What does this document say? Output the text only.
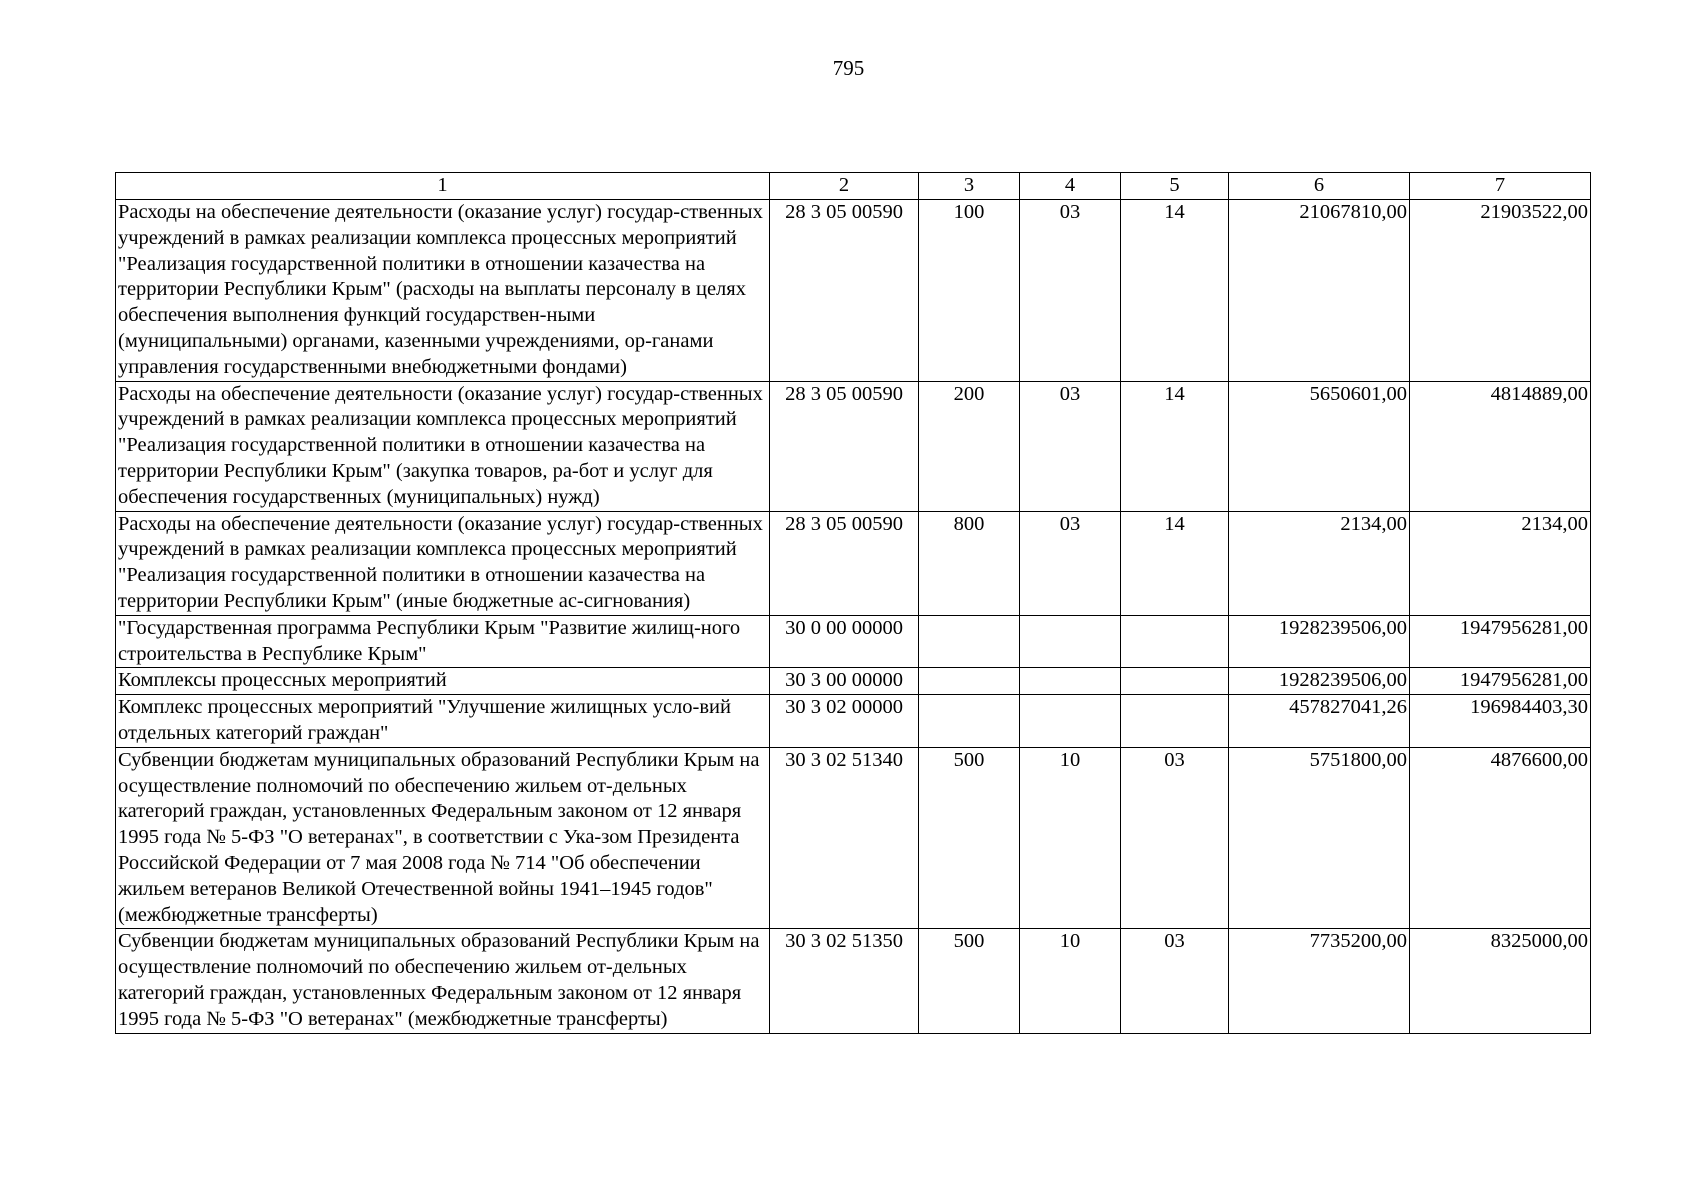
795
1	2	3	4	5	6	7
Расходы на обеспечение деятельности (оказание услуг) государ-ственных учреждений в рамках реализации комплекса процессных мероприятий "Реализация государственной политики в отношении казачества на территории Республики Крым" (расходы на выплаты персоналу в целях обеспечения выполнения функций государствен-ными (муниципальными) органами, казенными учреждениями, ор-ганами управления государственными внебюджетными фондами)	28 3 05 00590	100	03	14	21067810,00	21903522,00
Расходы на обеспечение деятельности (оказание услуг) государ-ственных учреждений в рамках реализации комплекса процессных мероприятий "Реализация государственной политики в отношении казачества на территории Республики Крым" (закупка товаров, ра-бот и услуг для обеспечения государственных (муниципальных) нужд)	28 3 05 00590	200	03	14	5650601,00	4814889,00
Расходы на обеспечение деятельности (оказание услуг) государ-ственных учреждений в рамках реализации комплекса процессных мероприятий "Реализация государственной политики в отношении казачества на территории Республики Крым" (иные бюджетные ас-сигнования)	28 3 05 00590	800	03	14	2134,00	2134,00
"Государственная программа Республики Крым "Развитие жилищ-ного строительства в Республике Крым"	30 0 00 00000				1928239506,00	1947956281,00
Комплексы процессных мероприятий	30 3 00 00000				1928239506,00	1947956281,00
Комплекс процессных мероприятий "Улучшение жилищных усло-вий отдельных категорий граждан"	30 3 02 00000				457827041,26	196984403,30
Субвенции бюджетам муниципальных образований Республики Крым на осуществление полномочий по обеспечению жильем от-дельных категорий граждан, установленных Федеральным законом от 12 января 1995 года № 5-ФЗ "О ветеранах", в соответствии с Ука-зом Президента Российской Федерации от 7 мая 2008 года № 714 "Об обеспечении жильем ветеранов Великой Отечественной войны 1941–1945 годов" (межбюджетные трансферты)	30 3 02 51340	500	10	03	5751800,00	4876600,00
Субвенции бюджетам муниципальных образований Республики Крым на осуществление полномочий по обеспечению жильем от-дельных категорий граждан, установленных Федеральным законом от 12 января 1995 года № 5-ФЗ "О ветеранах" (межбюджетные трансферты)	30 3 02 51350	500	10	03	7735200,00	8325000,00
